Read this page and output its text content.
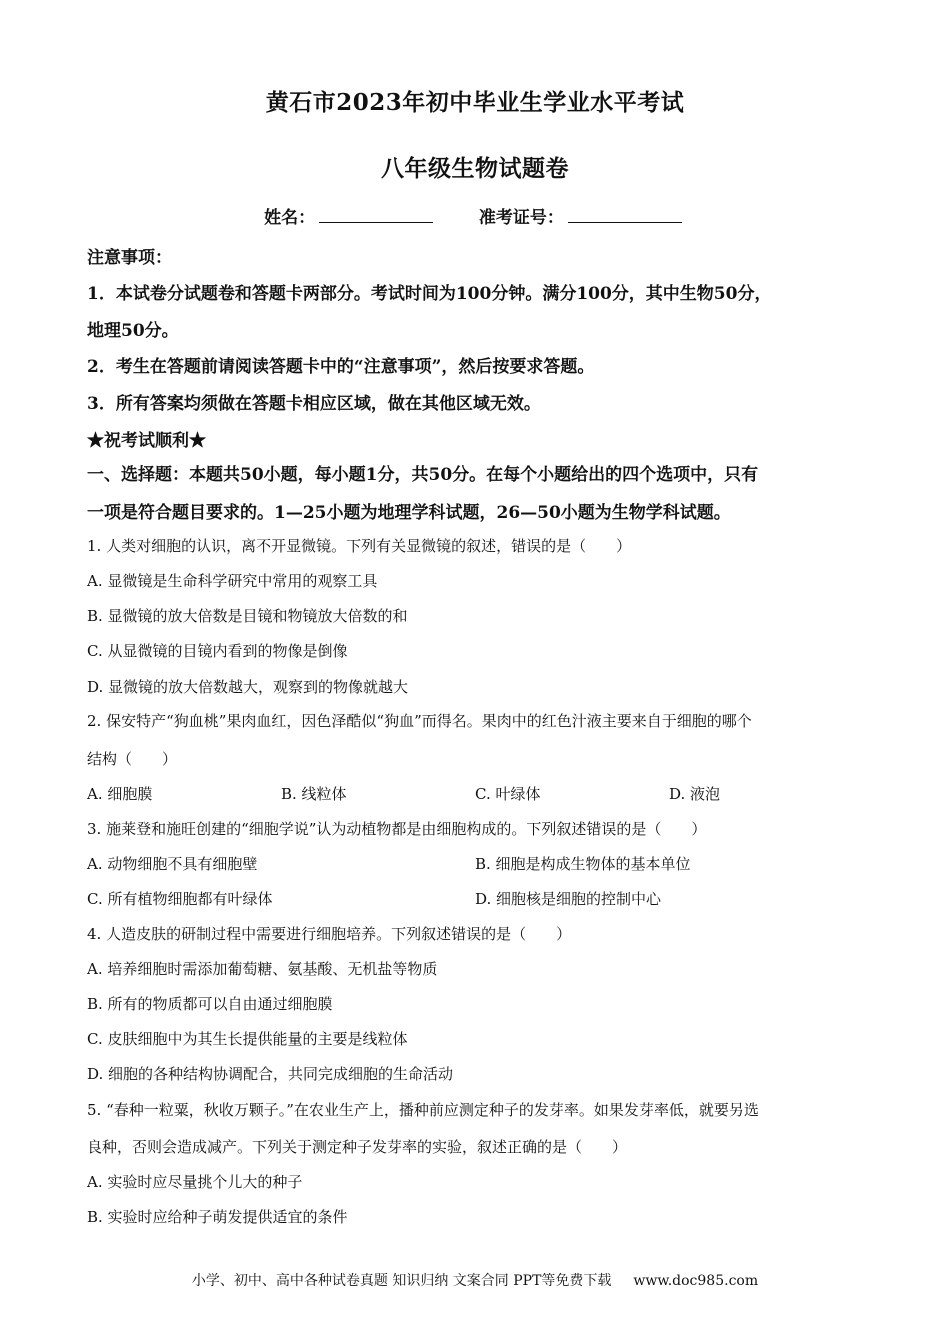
黄石市2023年初中毕业生学业水平考试
八年级生物试题卷
姓名：	准考证号：
注意事项：
1．本试卷分试题卷和答题卡两部分。考试时间为100分钟。满分100分，其中生物50分，
地理50分。
2．考生在答题前请阅读答题卡中的“注意事项”，然后按要求答题。
3．所有答案均须做在答题卡相应区域，做在其他区域无效。
★祝考试顺利★
一、选择题：本题共50小题，每小题1分，共50分。在每个小题给出的四个选项中，只有
一项是符合题目要求的。1—25小题为地理学科试题，26—50小题为生物学科试题。
1. 人类对细胞的认识，离不开显微镜。下列有关显微镜的叙述，错误的是（　　）
A. 显微镜是生命科学研究中常用的观察工具
B. 显微镜的放大倍数是目镜和物镜放大倍数的和
C. 从显微镜的目镜内看到的物像是倒像
D. 显微镜的放大倍数越大，观察到的物像就越大
2. 保安特产“狗血桃”果肉血红，因色泽酷似“狗血”而得名。果肉中的红色汁液主要来自于细胞的哪个
结构（　　）
A. 细胞膜	B. 线粒体	C. 叶绿体	D. 液泡
3. 施莱登和施旺创建的“细胞学说”认为动植物都是由细胞构成的。下列叙述错误的是（　　）
A. 动物细胞不具有细胞壁	B. 细胞是构成生物体的基本单位
C. 所有植物细胞都有叶绿体	D. 细胞核是细胞的控制中心
4. 人造皮肤的研制过程中需要进行细胞培养。下列叙述错误的是（　　）
A. 培养细胞时需添加葡萄糖、氨基酸、无机盐等物质
B. 所有的物质都可以自由通过细胞膜
C. 皮肤细胞中为其生长提供能量的主要是线粒体
D. 细胞的各种结构协调配合，共同完成细胞的生命活动
5. “春种一粒粟，秋收万颗子。”在农业生产上，播种前应测定种子的发芽率。如果发芽率低，就要另选
良种，否则会造成减产。下列关于测定种子发芽率的实验，叙述正确的是（　　）
A. 实验时应尽量挑个儿大的种子
B. 实验时应给种子萌发提供适宜的条件
小学、初中、高中各种试卷真题 知识归纳 文案合同 PPT等免费下载 www.doc985.com
